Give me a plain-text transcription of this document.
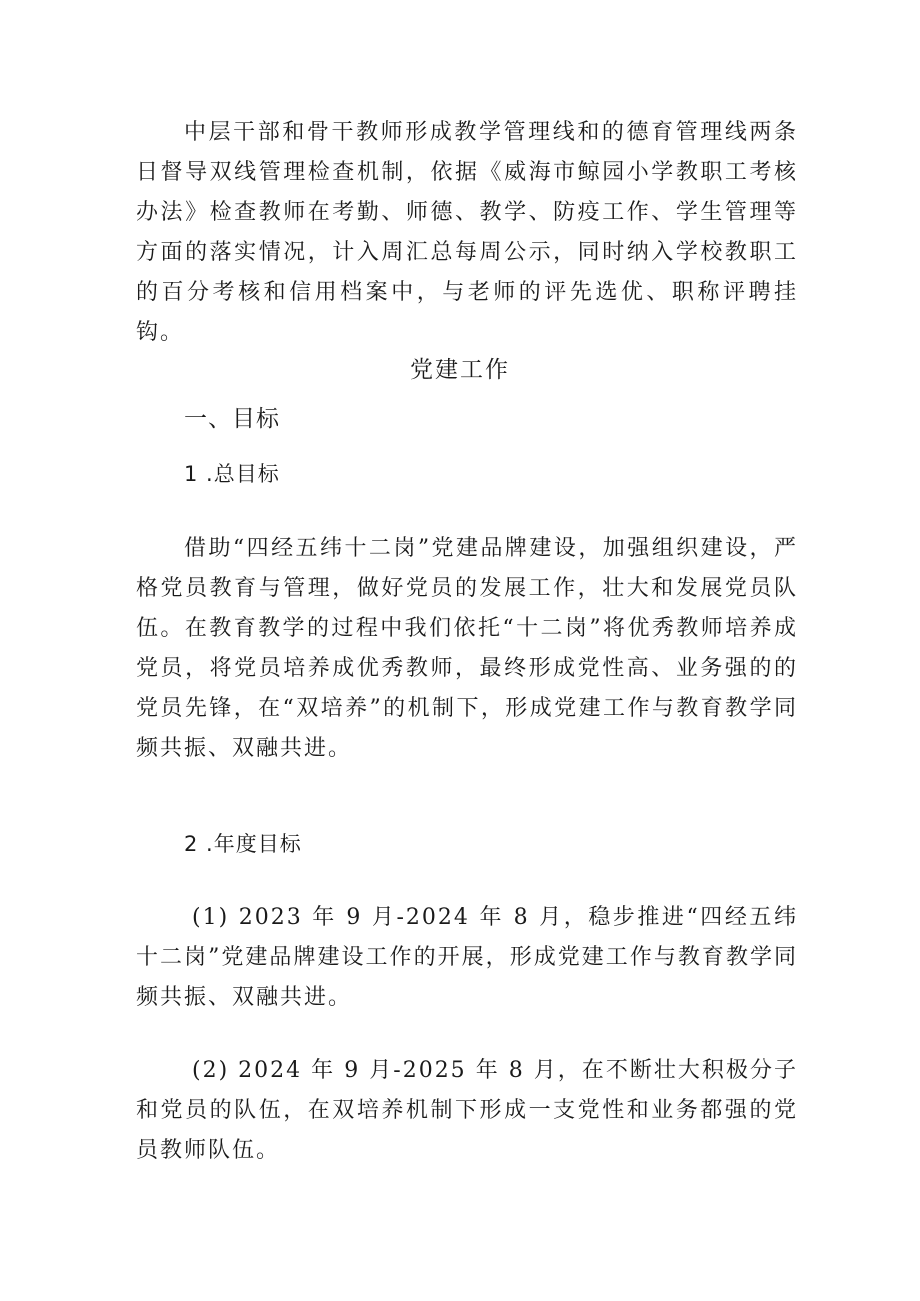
中层干部和骨干教师形成教学管理线和的德育管理线两条日督导双线管理检查机制，依据《威海市鲸园小学教职工考核办法》检查教师在考勤、师德、教学、防疫工作、学生管理等方面的落实情况，计入周汇总每周公示，同时纳入学校教职工的百分考核和信用档案中，与老师的评先选优、职称评聘挂钩。

党建工作
一、目标
1 .总目标

借助“四经五纬十二岗”党建品牌建设，加强组织建设，严格党员教育与管理，做好党员的发展工作，壮大和发展党员队伍。在教育教学的过程中我们依托“十二岗”将优秀教师培养成党员，将党员培养成优秀教师，最终形成党性高、业务强的的党员先锋，在“双培养”的机制下，形成党建工作与教育教学同频共振、双融共进。

2 .年度目标

(1) 2023 年 9 月-2024 年 8 月，稳步推进“四经五纬十二岗”党建品牌建设工作的开展，形成党建工作与教育教学同频共振、双融共进。

(2) 2024 年 9 月-2025 年 8 月，在不断壮大积极分子和党员的队伍，在双培养机制下形成一支党性和业务都强的党员教师队伍。
